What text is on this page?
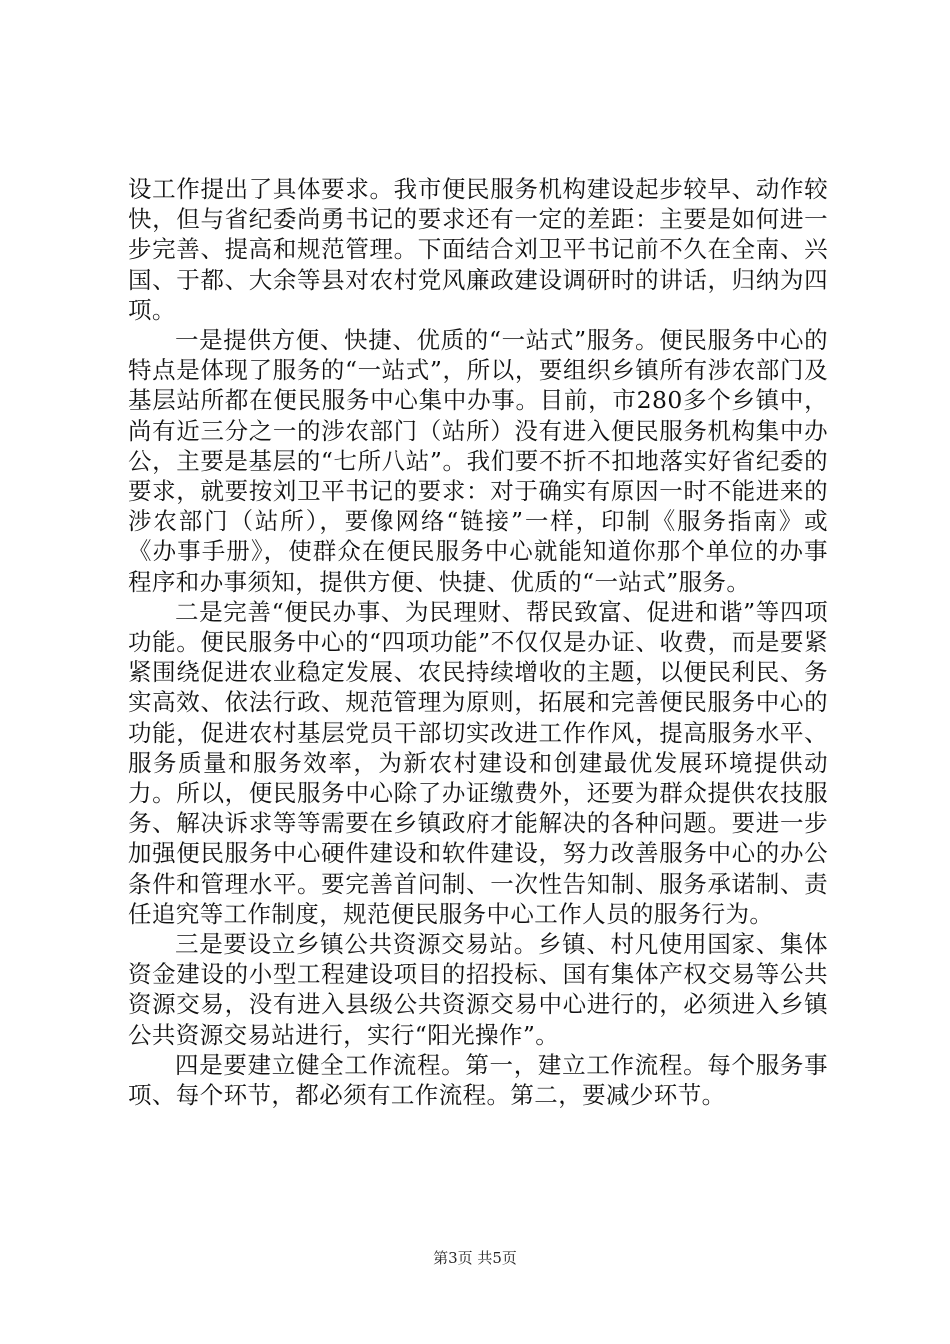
设工作提出了具体要求。我市便民服务机构建设起步较早、动作较快，但与省纪委尚勇书记的要求还有一定的差距：主要是如何进一步完善、提高和规范管理。下面结合刘卫平书记前不久在全南、兴国、于都、大余等县对农村党风廉政建设调研时的讲话，归纳为四项。

一是提供方便、快捷、优质的“一站式”服务。便民服务中心的特点是体现了服务的“一站式”，所以，要组织乡镇所有涉农部门及基层站所都在便民服务中心集中办事。目前，市280多个乡镇中，尚有近三分之一的涉农部门（站所）没有进入便民服务机构集中办公，主要是基层的“七所八站”。我们要不折不扣地落实好省纪委的要求，就要按刘卫平书记的要求：对于确实有原因一时不能进来的涉农部门（站所），要像网络“链接”一样，印制《服务指南》或《办事手册》，使群众在便民服务中心就能知道你那个单位的办事程序和办事须知，提供方便、快捷、优质的“一站式”服务。

二是完善“便民办事、为民理财、帮民致富、促进和谐”等四项功能。便民服务中心的“四项功能”不仅仅是办证、收费，而是要紧紧围绕促进农业稳定发展、农民持续增收的主题，以便民利民、务实高效、依法行政、规范管理为原则，拓展和完善便民服务中心的功能，促进农村基层党员干部切实改进工作作风，提高服务水平、服务质量和服务效率，为新农村建设和创建最优发展环境提供动力。所以，便民服务中心除了办证缴费外，还要为群众提供农技服务、解决诉求等等需要在乡镇政府才能解决的各种问题。要进一步加强便民服务中心硬件建设和软件建设，努力改善服务中心的办公条件和管理水平。要完善首问制、一次性告知制、服务承诺制、责任追究等工作制度，规范便民服务中心工作人员的服务行为。

三是要设立乡镇公共资源交易站。乡镇、村凡使用国家、集体资金建设的小型工程建设项目的招投标、国有集体产权交易等公共资源交易，没有进入县级公共资源交易中心进行的，必须进入乡镇公共资源交易站进行，实行“阳光操作”。

四是要建立健全工作流程。第一，建立工作流程。每个服务事项、每个环节，都必须有工作流程。第二，要减少环节。

第3页 共5页
